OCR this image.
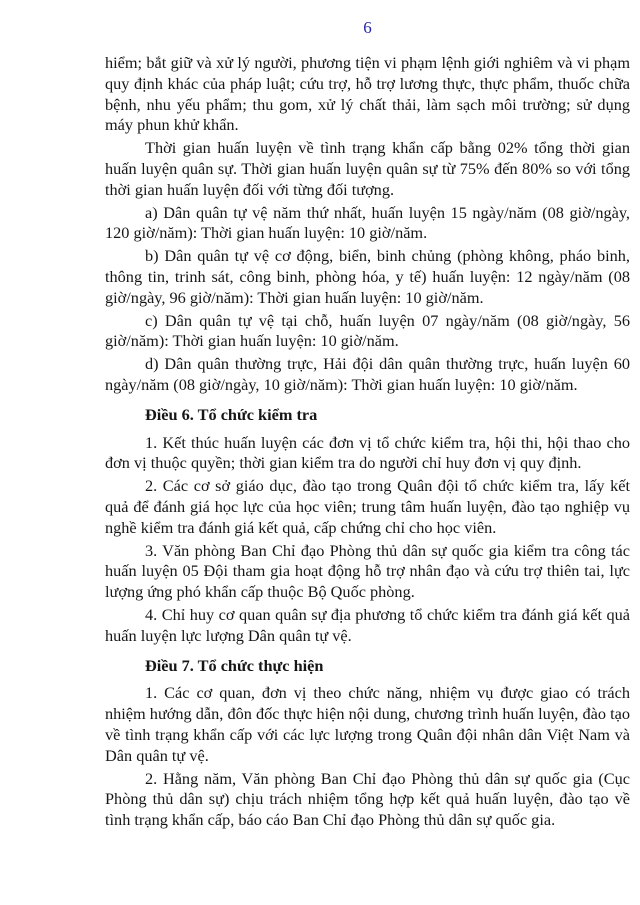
6

hiểm; bắt giữ và xử lý người, phương tiện vi phạm lệnh giới nghiêm và vi phạm quy định khác của pháp luật; cứu trợ, hỗ trợ lương thực, thực phẩm, thuốc chữa bệnh, nhu yếu phẩm; thu gom, xử lý chất thải, làm sạch môi trường; sử dụng máy phun khử khẩn.

Thời gian huấn luyện về tình trạng khẩn cấp bằng 02% tổng thời gian huấn luyện quân sự. Thời gian huấn luyện quân sự từ 75% đến 80% so với tổng thời gian huấn luyện đối với từng đối tượng.

a) Dân quân tự vệ năm thứ nhất, huấn luyện 15 ngày/năm (08 giờ/ngày, 120 giờ/năm): Thời gian huấn luyện: 10 giờ/năm.

b) Dân quân tự vệ cơ động, biển, binh chủng (phòng không, pháo binh, thông tin, trinh sát, công binh, phòng hóa, y tế) huấn luyện: 12 ngày/năm (08 giờ/ngày, 96 giờ/năm): Thời gian huấn luyện: 10 giờ/năm.

c) Dân quân tự vệ tại chỗ, huấn luyện 07 ngày/năm (08 giờ/ngày, 56 giờ/năm): Thời gian huấn luyện: 10 giờ/năm.

d) Dân quân thường trực, Hải đội dân quân thường trực, huấn luyện 60 ngày/năm (08 giờ/ngày, 10 giờ/năm): Thời gian huấn luyện: 10 giờ/năm.

Điều 6. Tổ chức kiểm tra

1. Kết thúc huấn luyện các đơn vị tổ chức kiểm tra, hội thi, hội thao cho đơn vị thuộc quyền; thời gian kiểm tra do người chỉ huy đơn vị quy định.

2. Các cơ sở giáo dục, đào tạo trong Quân đội tổ chức kiểm tra, lấy kết quả để đánh giá học lực của học viên; trung tâm huấn luyện, đào tạo nghiệp vụ nghề kiểm tra đánh giá kết quả, cấp chứng chỉ cho học viên.

3. Văn phòng Ban Chỉ đạo Phòng thủ dân sự quốc gia kiểm tra công tác huấn luyện 05 Đội tham gia hoạt động hỗ trợ nhân đạo và cứu trợ thiên tai, lực lượng ứng phó khẩn cấp thuộc Bộ Quốc phòng.

4. Chỉ huy cơ quan quân sự địa phương tổ chức kiểm tra đánh giá kết quả huấn luyện lực lượng Dân quân tự vệ.

Điều 7. Tổ chức thực hiện

1. Các cơ quan, đơn vị theo chức năng, nhiệm vụ được giao có trách nhiệm hướng dẫn, đôn đốc thực hiện nội dung, chương trình huấn luyện, đào tạo về tình trạng khẩn cấp với các lực lượng trong Quân đội nhân dân Việt Nam và Dân quân tự vệ.

2. Hằng năm, Văn phòng Ban Chỉ đạo Phòng thủ dân sự quốc gia (Cục Phòng thủ dân sự) chịu trách nhiệm tổng hợp kết quả huấn luyện, đào tạo về tình trạng khẩn cấp, báo cáo Ban Chỉ đạo Phòng thủ dân sự quốc gia.
